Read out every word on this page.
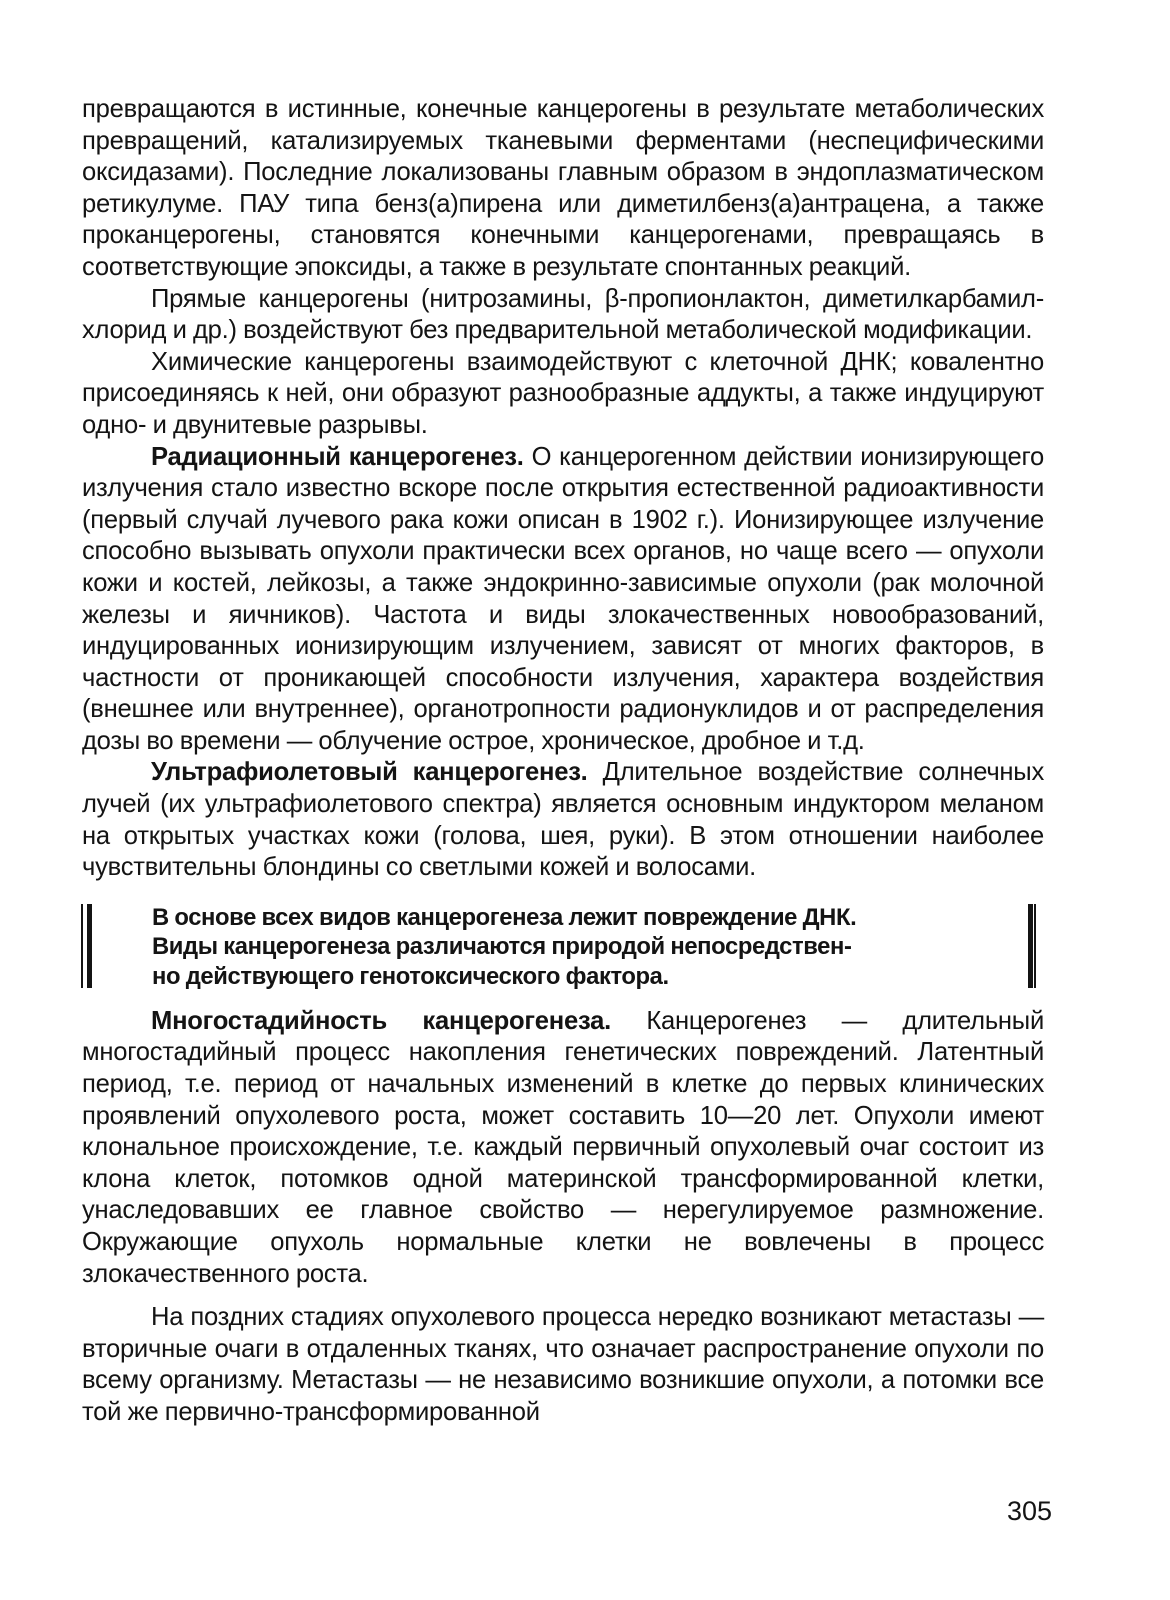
превращаются в истинные, конечные канцерогены в результате метаболических превращений, катализируемых тканевыми ферментами (неспецифическими оксидазами). Последние локализованы главным образом в эндоплазматическом ретикулуме. ПАУ типа бенз(а)пирена или диметилбенз(а)антрацена, а также проканцерогены, становятся конечными канцерогенами, превращаясь в соответствующие эпоксиды, а также в результате спонтанных реакций.

Прямые канцерогены (нитрозамины, β-пропионлактон, диметилкарбамил-хлорид и др.) воздействуют без предварительной метаболической модификации.

Химические канцерогены взаимодействуют с клеточной ДНК; ковалентно присоединяясь к ней, они образуют разнообразные аддукты, а также индуцируют одно- и двунитевые разрывы.

Радиационный канцерогенез. О канцерогенном действии ионизирующего излучения стало известно вскоре после открытия естественной радиоактивности (первый случай лучевого рака кожи описан в 1902 г.). Ионизирующее излучение способно вызывать опухоли практически всех органов, но чаще всего — опухоли кожи и костей, лейкозы, а также эндокринно-зависимые опухоли (рак молочной железы и яичников). Частота и виды злокачественных новообразований, индуцированных ионизирующим излучением, зависят от многих факторов, в частности от проникающей способности излучения, характера воздействия (внешнее или внутреннее), органотропности радионуклидов и от распределения дозы во времени — облучение острое, хроническое, дробное и т.д.

Ультрафиолетовый канцерогенез. Длительное воздействие солнечных лучей (их ультрафиолетового спектра) является основным индуктором меланом на открытых участках кожи (голова, шея, руки). В этом отношении наиболее чувствительны блондины со светлыми кожей и волосами.

В основе всех видов канцерогенеза лежит повреждение ДНК.
Виды канцерогенеза различаются природой непосредствен-
но действующего генотоксического фактора.

Многостадийность канцерогенеза. Канцерогенез — длительный многостадийный процесс накопления генетических повреждений. Латентный период, т.е. период от начальных изменений в клетке до первых клинических проявлений опухолевого роста, может составить 10—20 лет. Опухоли имеют клональное происхождение, т.е. каждый первичный опухолевый очаг состоит из клона клеток, потомков одной материнской трансформированной клетки, унаследовавших ее главное свойство — нерегулируемое размножение. Окружающие опухоль нормальные клетки не вовлечены в процесс злокачественного роста.

На поздних стадиях опухолевого процесса нередко возникают метастазы — вторичные очаги в отдаленных тканях, что означает распространение опухоли по всему организму. Метастазы — не независимо возникшие опухоли, а потомки все той же первично-трансформированной

305
